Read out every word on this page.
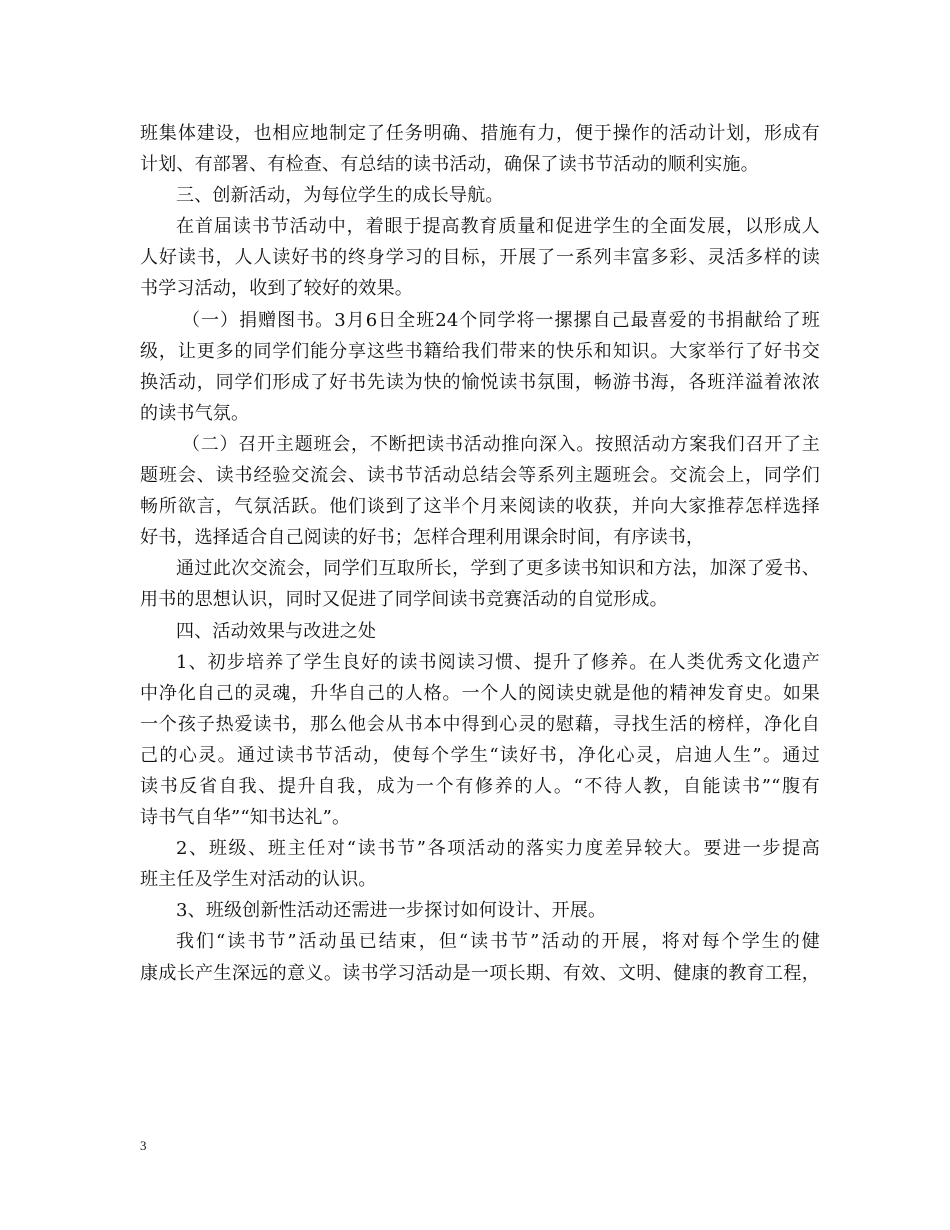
班集体建设，也相应地制定了任务明确、措施有力，便于操作的活动计划，形成有
计划、有部署、有检查、有总结的读书活动，确保了读书节活动的顺利实施。
三、创新活动，为每位学生的成长导航。
在首届读书节活动中，着眼于提高教育质量和促进学生的全面发展，以形成人
人好读书，人人读好书的终身学习的目标，开展了一系列丰富多彩、灵活多样的读
书学习活动，收到了较好的效果。
（一）捐赠图书。3月6日全班24个同学将一摞摞自己最喜爱的书捐献给了班
级，让更多的同学们能分享这些书籍给我们带来的快乐和知识。大家举行了好书交
换活动，同学们形成了好书先读为快的愉悦读书氛围，畅游书海，各班洋溢着浓浓
的读书气氛。
（二）召开主题班会，不断把读书活动推向深入。按照活动方案我们召开了主
题班会、读书经验交流会、读书节活动总结会等系列主题班会。交流会上，同学们
畅所欲言，气氛活跃。他们谈到了这半个月来阅读的收获，并向大家推荐怎样选择
好书，选择适合自己阅读的好书；怎样合理利用课余时间，有序读书，
通过此次交流会，同学们互取所长，学到了更多读书知识和方法，加深了爱书、
用书的思想认识，同时又促进了同学间读书竞赛活动的自觉形成。
四、活动效果与改进之处
1、初步培养了学生良好的读书阅读习惯、提升了修养。在人类优秀文化遗产
中净化自己的灵魂，升华自己的人格。一个人的阅读史就是他的精神发育史。如果
一个孩子热爱读书，那么他会从书本中得到心灵的慰藉，寻找生活的榜样，净化自
己的心灵。通过读书节活动，使每个学生“读好书，净化心灵，启迪人生”。通过
读书反省自我、提升自我，成为一个有修养的人。“不待人教，自能读书”“腹有
诗书气自华”“知书达礼”。
2、班级、班主任对“读书节”各项活动的落实力度差异较大。要进一步提高
班主任及学生对活动的认识。
3、班级创新性活动还需进一步探讨如何设计、开展。
我们“读书节”活动虽已结束，但“读书节”活动的开展，将对每个学生的健
康成长产生深远的意义。读书学习活动是一项长期、有效、文明、健康的教育工程，
3
